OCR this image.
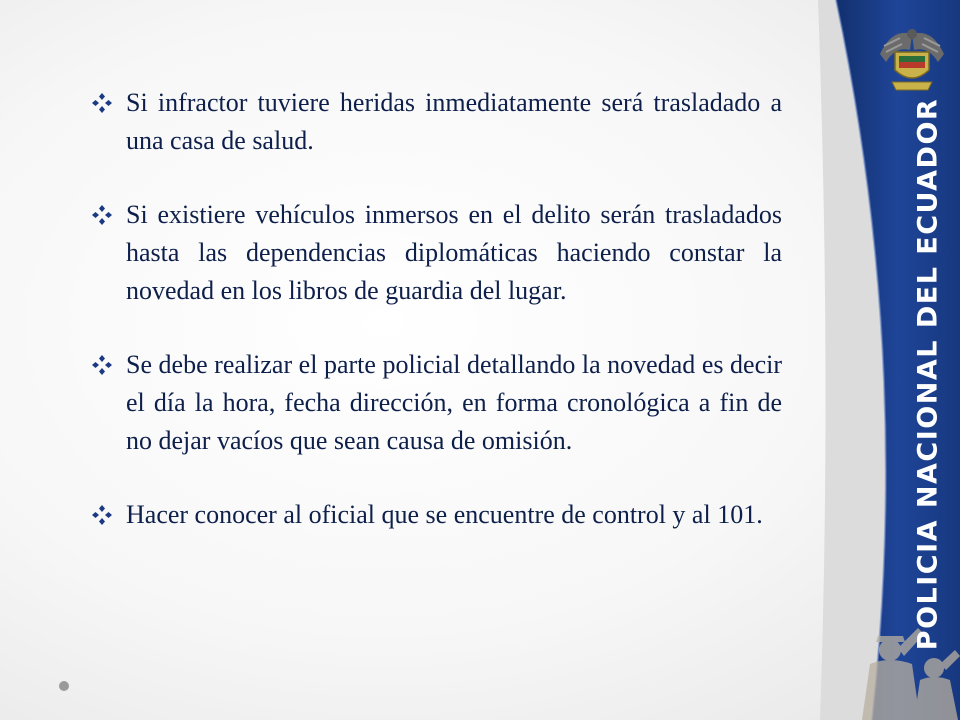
POLICIA NACIONAL DEL ECUADOR
Si infractor tuviere heridas inmediatamente será trasladado a una casa de salud.
Si existiere vehículos inmersos en el delito serán trasladados hasta las dependencias diplomáticas haciendo constar la novedad en los libros de guardia del lugar.
Se debe realizar el parte policial detallando la novedad es decir el día la hora, fecha dirección, en forma cronológica a fin de no dejar vacíos que sean causa de omisión.
Hacer conocer al oficial que se encuentre de control y al 101.
